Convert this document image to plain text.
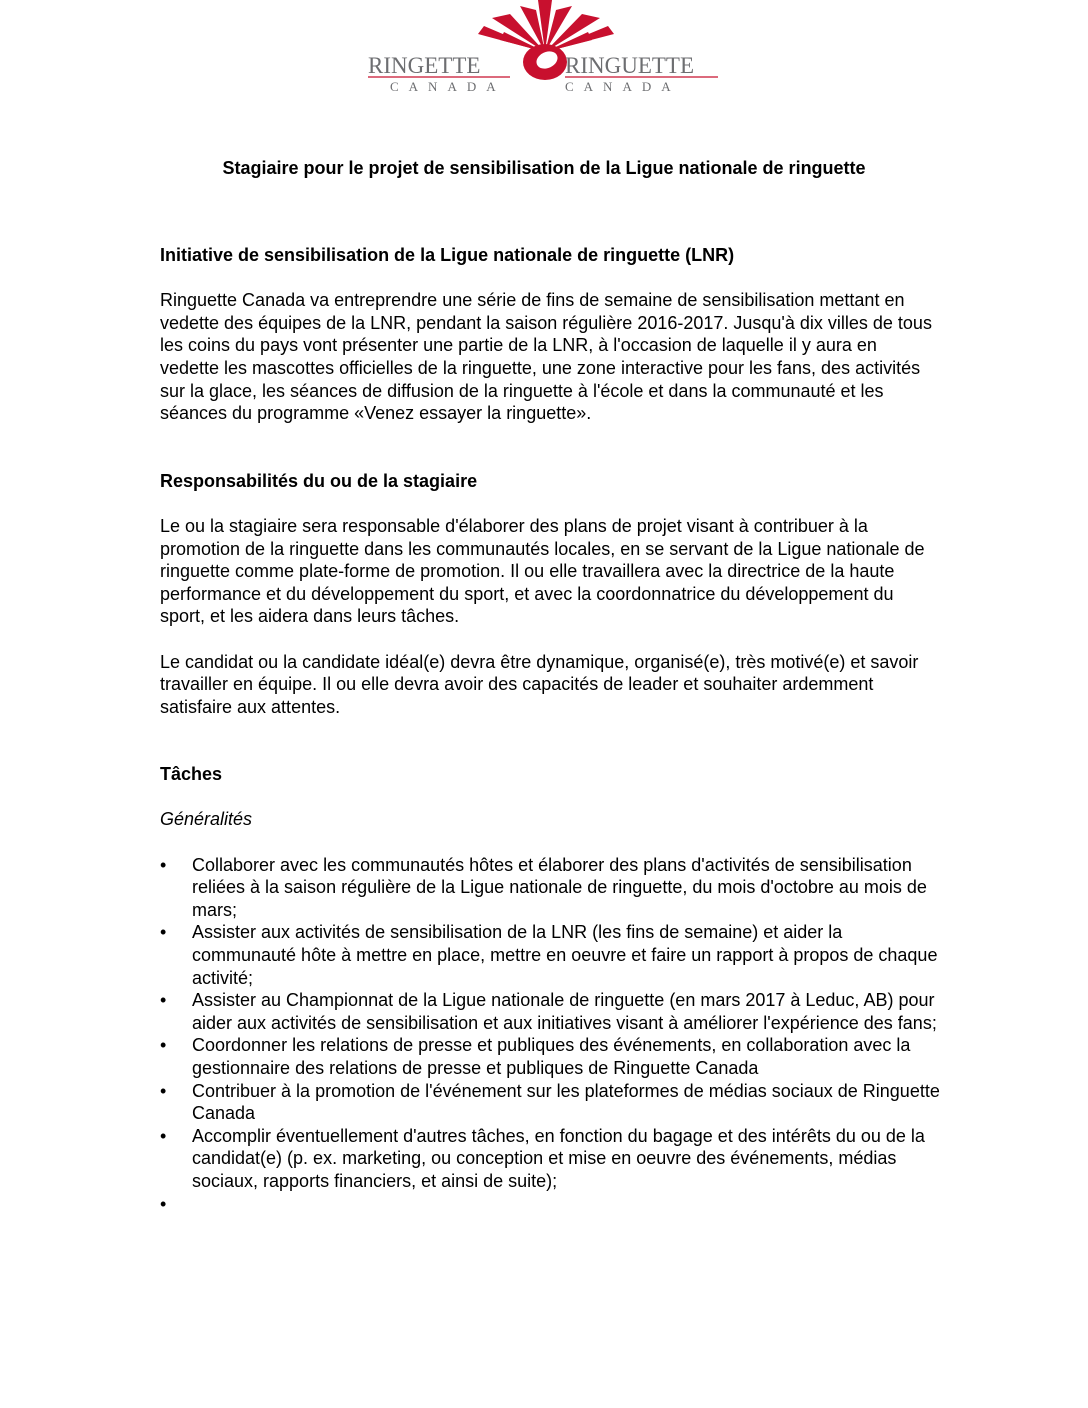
RINGETTE
CANADA
RINGUETTE
CANADA
Stagiaire pour le projet de sensibilisation de la Ligue nationale de ringuette
Initiative de sensibilisation de la Ligue nationale de ringuette (LNR)

Ringuette Canada va entreprendre une série de fins de semaine de sensibilisation mettant en vedette des équipes de la LNR, pendant la saison régulière 2016-2017. Jusqu'à dix villes de tous les coins du pays vont présenter une partie de la LNR, à l'occasion de laquelle il y aura en vedette les mascottes officielles de la ringuette, une zone interactive pour les fans, des activités sur la glace, les séances de diffusion de la ringuette à l'école et dans la communauté et les séances du programme «Venez essayer la ringuette».

Responsabilités du ou de la stagiaire

Le ou la stagiaire sera responsable d'élaborer des plans de projet visant à contribuer à la promotion de la ringuette dans les communautés locales, en se servant de la Ligue nationale de ringuette comme plate-forme de promotion. Il ou elle travaillera avec la directrice de la haute performance et du développement du sport, et avec la coordonnatrice du développement du sport, et les aidera dans leurs tâches.

Le candidat ou la candidate idéal(e) devra être dynamique, organisé(e), très motivé(e) et savoir travailler en équipe. Il ou elle devra avoir des capacités de leader et souhaiter ardemment satisfaire aux attentes.

Tâches

Généralités

•	Collaborer avec les communautés hôtes et élaborer des plans d'activités de sensibilisation reliées à la saison régulière de la Ligue nationale de ringuette, du mois d'octobre au mois de mars;
•	Assister aux activités de sensibilisation de la LNR (les fins de semaine) et aider la communauté hôte à mettre en place, mettre en oeuvre et faire un rapport à propos de chaque activité;
•	Assister au Championnat de la Ligue nationale de ringuette (en mars 2017 à Leduc, AB) pour aider aux activités de sensibilisation et aux initiatives visant à améliorer l'expérience des fans;
•	Coordonner les relations de presse et publiques des événements, en collaboration avec la gestionnaire des relations de presse et publiques de Ringuette Canada
•	Contribuer à la promotion de l'événement sur les plateformes de médias sociaux de Ringuette Canada
•	Accomplir éventuellement d'autres tâches, en fonction du bagage et des intérêts du ou de la candidat(e) (p. ex. marketing, ou conception et mise en oeuvre des événements, médias sociaux, rapports financiers, et ainsi de suite);
•
